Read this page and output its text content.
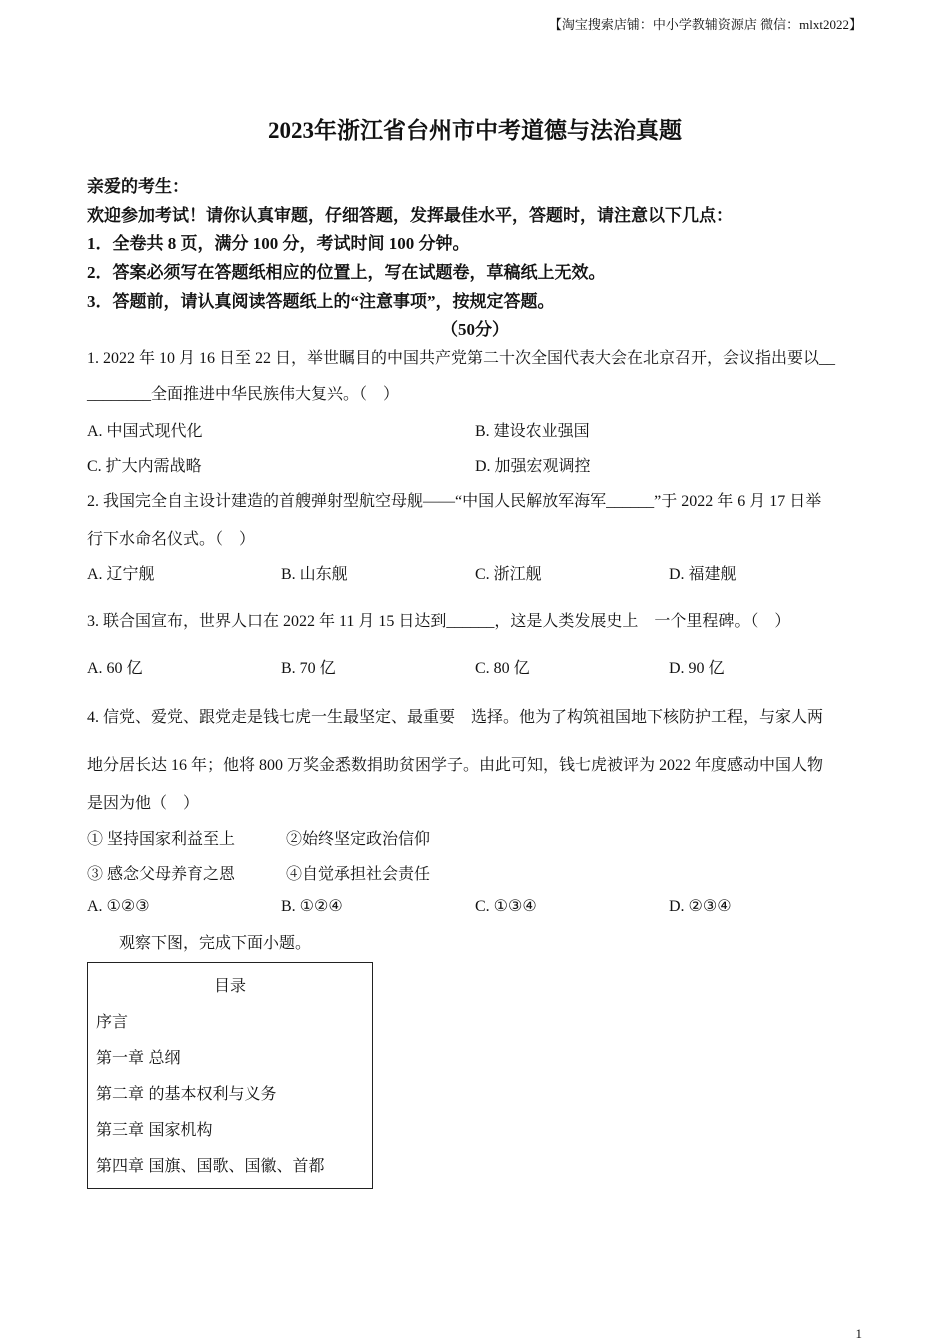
【淘宝搜索店铺：中小学教辅资源店 微信：mlxt2022】
2023年浙江省台州市中考道德与法治真题
亲爱的考生：
欢迎参加考试！请你认真审题，仔细答题，发挥最佳水平，答题时，请注意以下几点：
1．全卷共 8 页，满分 100 分，考试时间 100 分钟。
2．答案必须写在答题纸相应的位置上，写在试题卷，草稿纸上无效。
3．答题前，请认真阅读答题纸上的“注意事项”，按规定答题。
（50分）
1. 2022 年 10 月 16 日至 22 日，举世瞩目的中国共产党第二十次全国代表大会在北京召开，会议指出要以__
________全面推进中华民族伟大复兴。（　）
A. 中国式现代化	B. 建设农业强国
C. 扩大内需战略	D. 加强宏观调控
2. 我国完全自主设计建造的首艘弹射型航空母舰——“中国人民解放军海军______”于 2022 年 6 月 17 日举
行下水命名仪式。（　）
A. 辽宁舰	B. 山东舰	C. 浙江舰	D. 福建舰
3. 联合国宣布，世界人口在 2022 年 11 月 15 日达到______，这是人类发展史上　一个里程碑。（　）
A. 60 亿	B. 70 亿	C. 80 亿	D. 90 亿
4. 信党、爱党、跟党走是钱七虎一生最坚定、最重要　选择。他为了构筑祖国地下核防护工程，与家人两
地分居长达 16 年；他将 800 万奖金悉数捐助贫困学子。由此可知，钱七虎被评为 2022 年度感动中国人物
是因为他（　）
① 坚持国家利益至上	②始终坚定政治信仰
③ 感念父母养育之恩	④自觉承担社会责任
A. ①②③	B. ①②④	C. ①③④	D. ②③④
观察下图，完成下面小题。
目录
序言
第一章 总纲
第二章 的基本权利与义务
第三章 国家机构
第四章 国旗、国歌、国徽、首都
1
